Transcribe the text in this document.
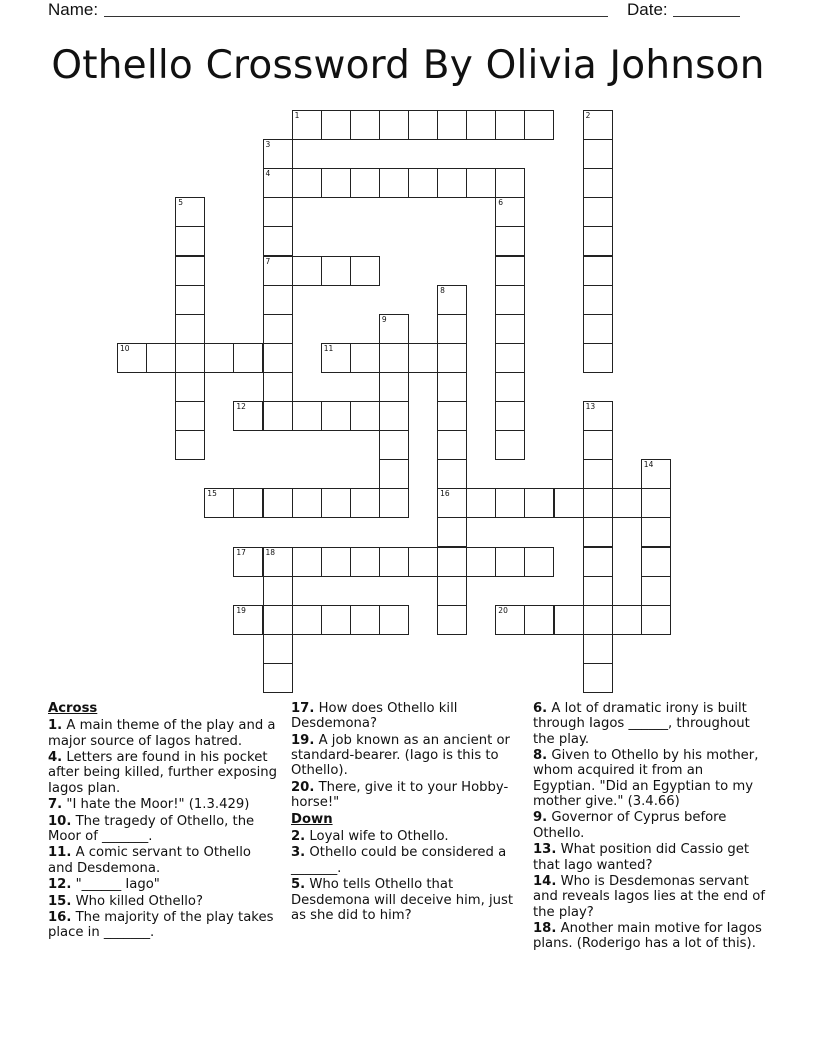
Name:	Date:
Othello Crossword By Olivia Johnson
1	2
3
4
5	6
7
8
9
10	11
12	13
14
15	16
17	18
19	20
Across
1. A main theme of the play and a major source of Iagos hatred.
4. Letters are found in his pocket after being killed, further exposing Iagos plan.
7. "I hate the Moor!" (1.3.429)
10. The tragedy of Othello, the Moor of _______.
11. A comic servant to Othello and Desdemona.
12. "______ Iago"
15. Who killed Othello?
16. The majority of the play takes place in _______.
17. How does Othello kill Desdemona?
19. A job known as an ancient or standard-bearer. (Iago is this to Othello).
20. There, give it to your Hobby-horse!"
Down
2. Loyal wife to Othello.
3. Othello could be considered a _______.
5. Who tells Othello that Desdemona will deceive him, just as she did to him?
6. A lot of dramatic irony is built through Iagos ______, throughout the play.
8. Given to Othello by his mother, whom acquired it from an Egyptian. "Did an Egyptian to my mother give." (3.4.66)
9. Governor of Cyprus before Othello.
13. What position did Cassio get that Iago wanted?
14. Who is Desdemonas servant and reveals Iagos lies at the end of the play?
18. Another main motive for Iagos plans. (Roderigo has a lot of this).
